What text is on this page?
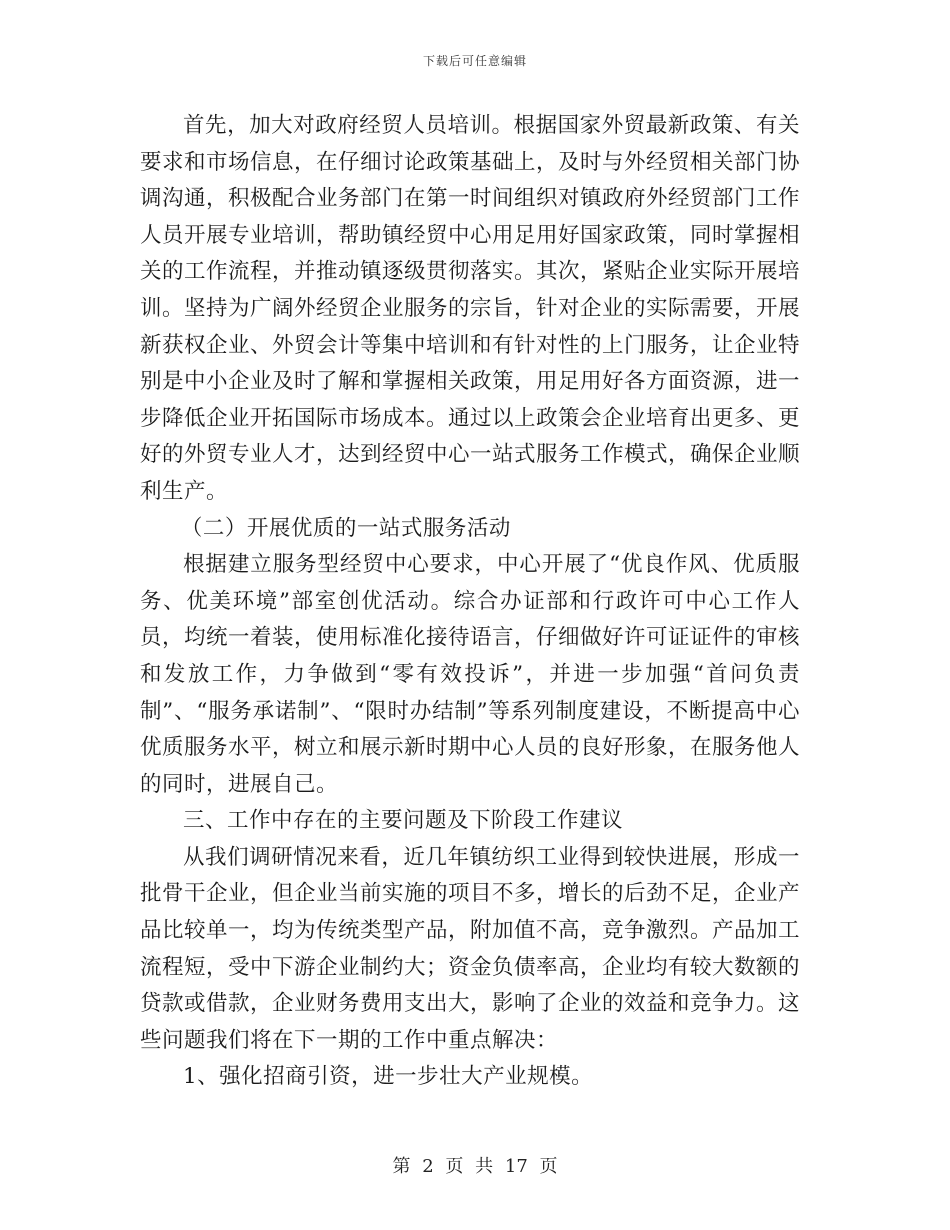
下载后可任意编辑

首先，加大对政府经贸人员培训。根据国家外贸最新政策、有关要求和市场信息，在仔细讨论政策基础上，及时与外经贸相关部门协调沟通，积极配合业务部门在第一时间组织对镇政府外经贸部门工作人员开展专业培训，帮助镇经贸中心用足用好国家政策，同时掌握相关的工作流程，并推动镇逐级贯彻落实。其次，紧贴企业实际开展培训。坚持为广阔外经贸企业服务的宗旨，针对企业的实际需要，开展新获权企业、外贸会计等集中培训和有针对性的上门服务，让企业特别是中小企业及时了解和掌握相关政策，用足用好各方面资源，进一步降低企业开拓国际市场成本。通过以上政策会企业培育出更多、更好的外贸专业人才，达到经贸中心一站式服务工作模式，确保企业顺利生产。

（二）开展优质的一站式服务活动

根据建立服务型经贸中心要求，中心开展了“优良作风、优质服务、优美环境”部室创优活动。综合办证部和行政许可中心工作人员，均统一着装，使用标准化接待语言，仔细做好许可证证件的审核和发放工作，力争做到“零有效投诉”，并进一步加强“首问负责制”、“服务承诺制”、“限时办结制”等系列制度建设，不断提高中心优质服务水平，树立和展示新时期中心人员的良好形象，在服务他人的同时，进展自己。

三、工作中存在的主要问题及下阶段工作建议

从我们调研情况来看，近几年镇纺织工业得到较快进展，形成一批骨干企业，但企业当前实施的项目不多，增长的后劲不足，企业产品比较单一，均为传统类型产品，附加值不高，竞争激烈。产品加工流程短，受中下游企业制约大；资金负债率高，企业均有较大数额的贷款或借款，企业财务费用支出大，影响了企业的效益和竞争力。这些问题我们将在下一期的工作中重点解决：

1、强化招商引资，进一步壮大产业规模。

第 2 页 共 17 页
